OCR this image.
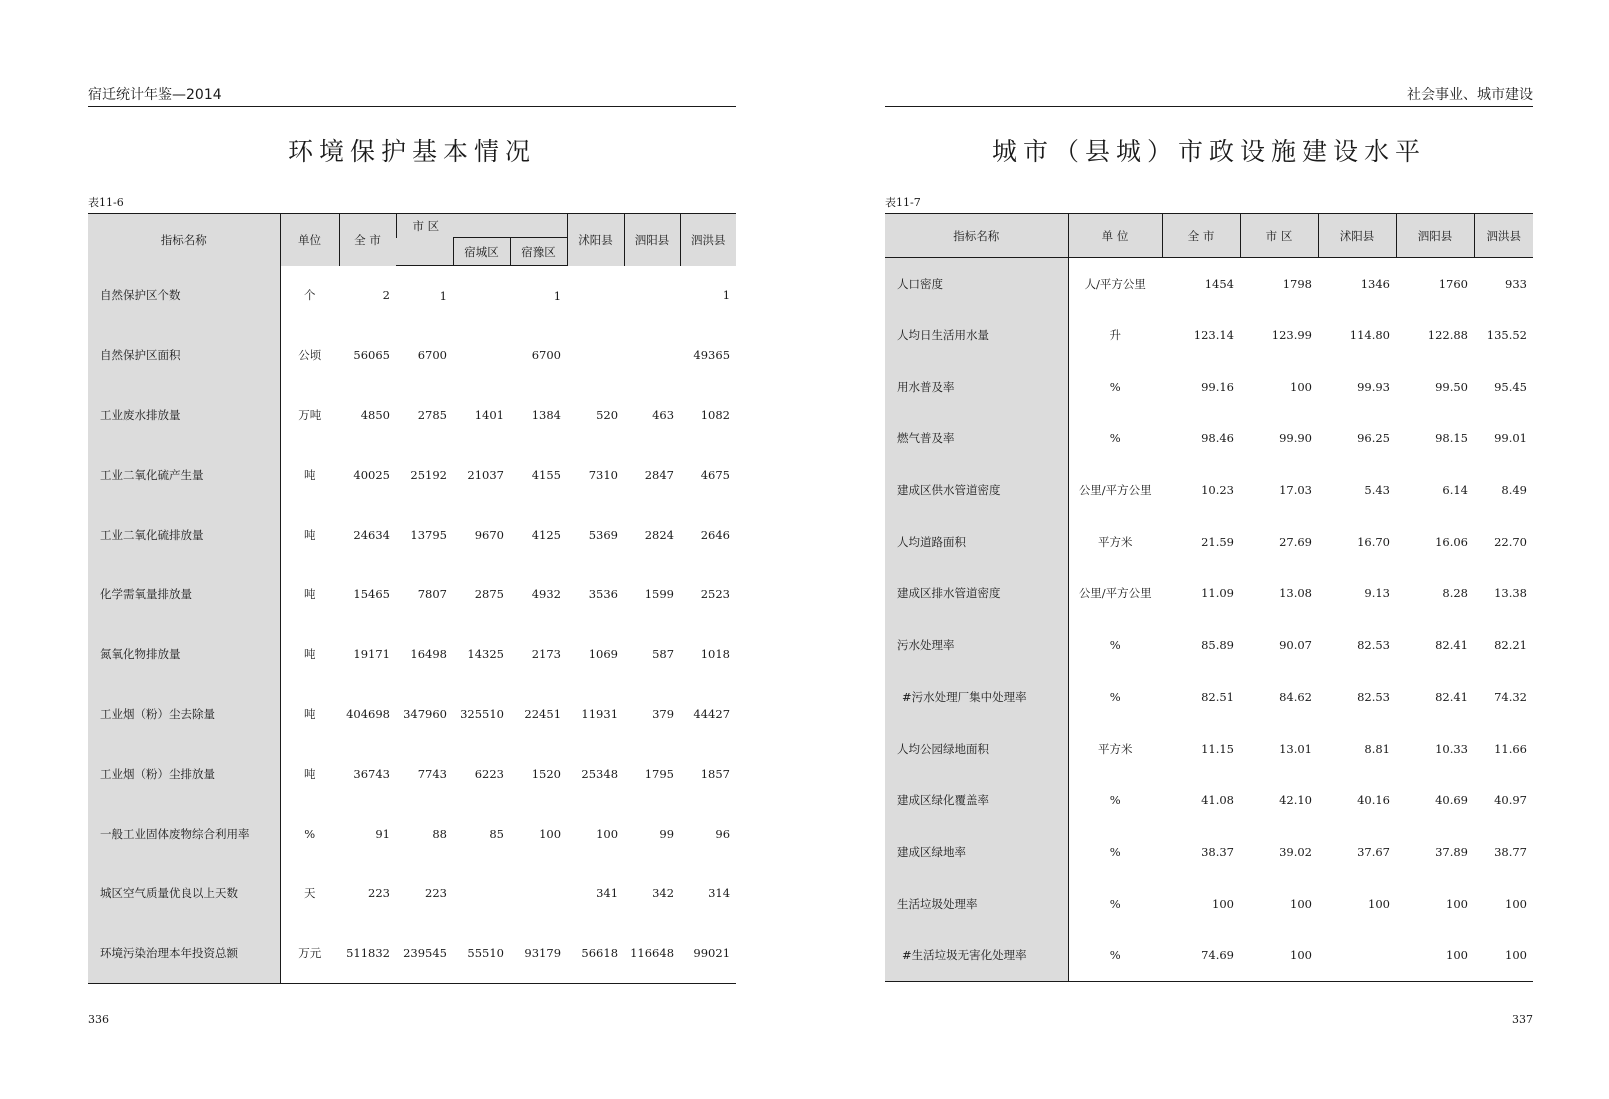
宿迁统计年鉴—2014
环境保护基本情况
表11-6
指标名称	单位	全 市	市 区			沭阳县	泗阳县	泗洪县
				宿城区	宿豫区			
自然保护区个数	个	2	1		1			1
自然保护区面积	公顷	56065	6700		6700			49365
工业废水排放量	万吨	4850	2785	1401	1384	520	463	1082
工业二氧化硫产生量	吨	40025	25192	21037	4155	7310	2847	4675
工业二氧化硫排放量	吨	24634	13795	9670	4125	5369	2824	2646
化学需氧量排放量	吨	15465	7807	2875	4932	3536	1599	2523
氮氧化物排放量	吨	19171	16498	14325	2173	1069	587	1018
工业烟（粉）尘去除量	吨	404698	347960	325510	22451	11931	379	44427
工业烟（粉）尘排放量	吨	36743	7743	6223	1520	25348	1795	1857
一般工业固体废物综合利用率	%	91	88	85	100	100	99	96
城区空气质量优良以上天数	天	223	223			341	342	314
环境污染治理本年投资总额	万元	511832	239545	55510	93179	56618	116648	99021
336
社会事业、城市建设
城市（县城）市政设施建设水平
表11-7
指标名称	单 位	全 市	市 区	沭阳县	泗阳县	泗洪县
人口密度	人/平方公里	1454	1798	1346	1760	933
人均日生活用水量	升	123.14	123.99	114.80	122.88	135.52
用水普及率	%	99.16	100	99.93	99.50	95.45
燃气普及率	%	98.46	99.90	96.25	98.15	99.01
建成区供水管道密度	公里/平方公里	10.23	17.03	5.43	6.14	8.49
人均道路面积	平方米	21.59	27.69	16.70	16.06	22.70
建成区排水管道密度	公里/平方公里	11.09	13.08	9.13	8.28	13.38
污水处理率	%	85.89	90.07	82.53	82.41	82.21
#污水处理厂集中处理率	%	82.51	84.62	82.53	82.41	74.32
人均公园绿地面积	平方米	11.15	13.01	8.81	10.33	11.66
建成区绿化覆盖率	%	41.08	42.10	40.16	40.69	40.97
建成区绿地率	%	38.37	39.02	37.67	37.89	38.77
生活垃圾处理率	%	100	100	100	100	100
#生活垃圾无害化处理率	%	74.69	100		100	100
337
